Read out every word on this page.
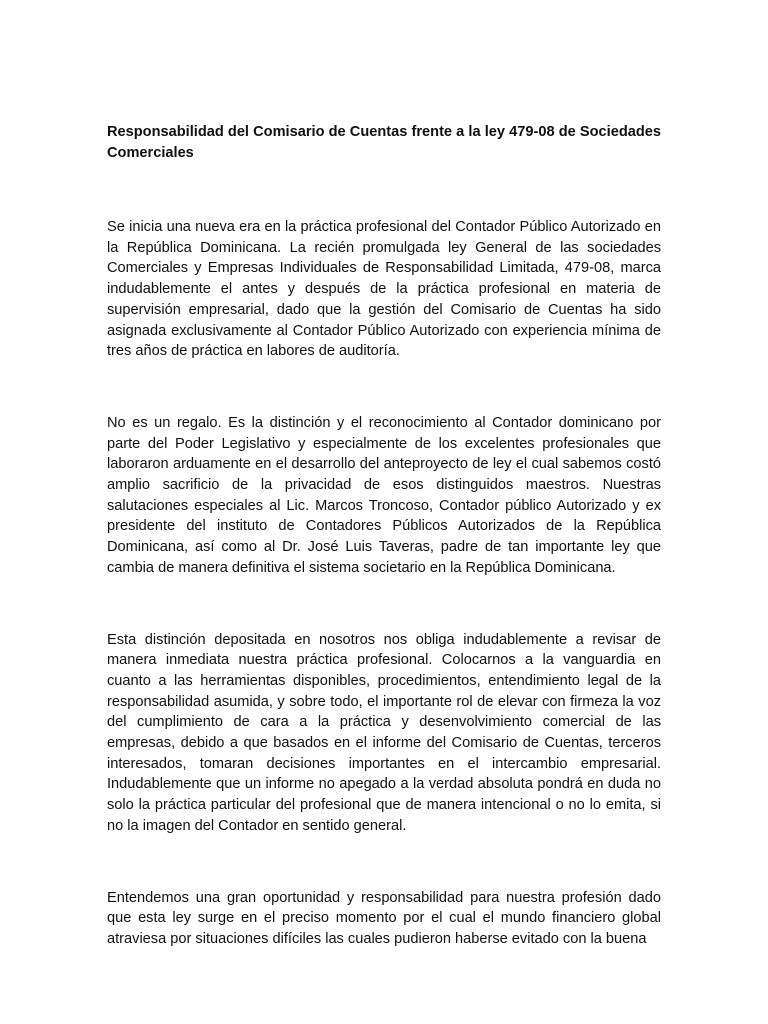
Responsabilidad del Comisario de Cuentas frente a la ley 479-08 de Sociedades Comerciales

Se inicia una nueva era en la práctica profesional del Contador Público Autorizado en la República Dominicana. La recién promulgada ley General de las sociedades Comerciales y Empresas Individuales de Responsabilidad Limitada, 479-08, marca indudablemente el antes y después de la práctica profesional en materia de supervisión empresarial, dado que la gestión del Comisario de Cuentas ha sido asignada exclusivamente al Contador Público Autorizado con experiencia mínima de tres años de práctica en labores de auditoría.

No es un regalo. Es la distinción y el reconocimiento al Contador dominicano por parte del Poder Legislativo y especialmente de los excelentes profesionales que laboraron arduamente en el desarrollo del anteproyecto de ley el cual sabemos costó amplio sacrificio de la privacidad de esos distinguidos maestros. Nuestras salutaciones especiales al Lic. Marcos Troncoso, Contador público Autorizado y ex presidente del instituto de Contadores Públicos Autorizados de la República Dominicana, así como al Dr. José Luis Taveras, padre de tan importante ley que cambia de manera definitiva el sistema societario en la República Dominicana.

Esta distinción depositada en nosotros nos obliga indudablemente a revisar de manera inmediata nuestra práctica profesional. Colocarnos a la vanguardia en cuanto a las herramientas disponibles, procedimientos, entendimiento legal de la responsabilidad asumida, y sobre todo, el importante rol de elevar con firmeza la voz del cumplimiento de cara a la práctica y desenvolvimiento comercial de las empresas, debido a que basados en el informe del Comisario de Cuentas, terceros interesados, tomaran decisiones importantes en el intercambio empresarial. Indudablemente que un informe no apegado a la verdad absoluta pondrá en duda no solo la práctica particular del profesional que de manera intencional o no lo emita, si no la imagen del Contador en sentido general.

Entendemos una gran oportunidad y responsabilidad para nuestra profesión dado que esta ley surge en el preciso momento por el cual el mundo financiero global atraviesa por situaciones difíciles las cuales pudieron haberse evitado con la buena
